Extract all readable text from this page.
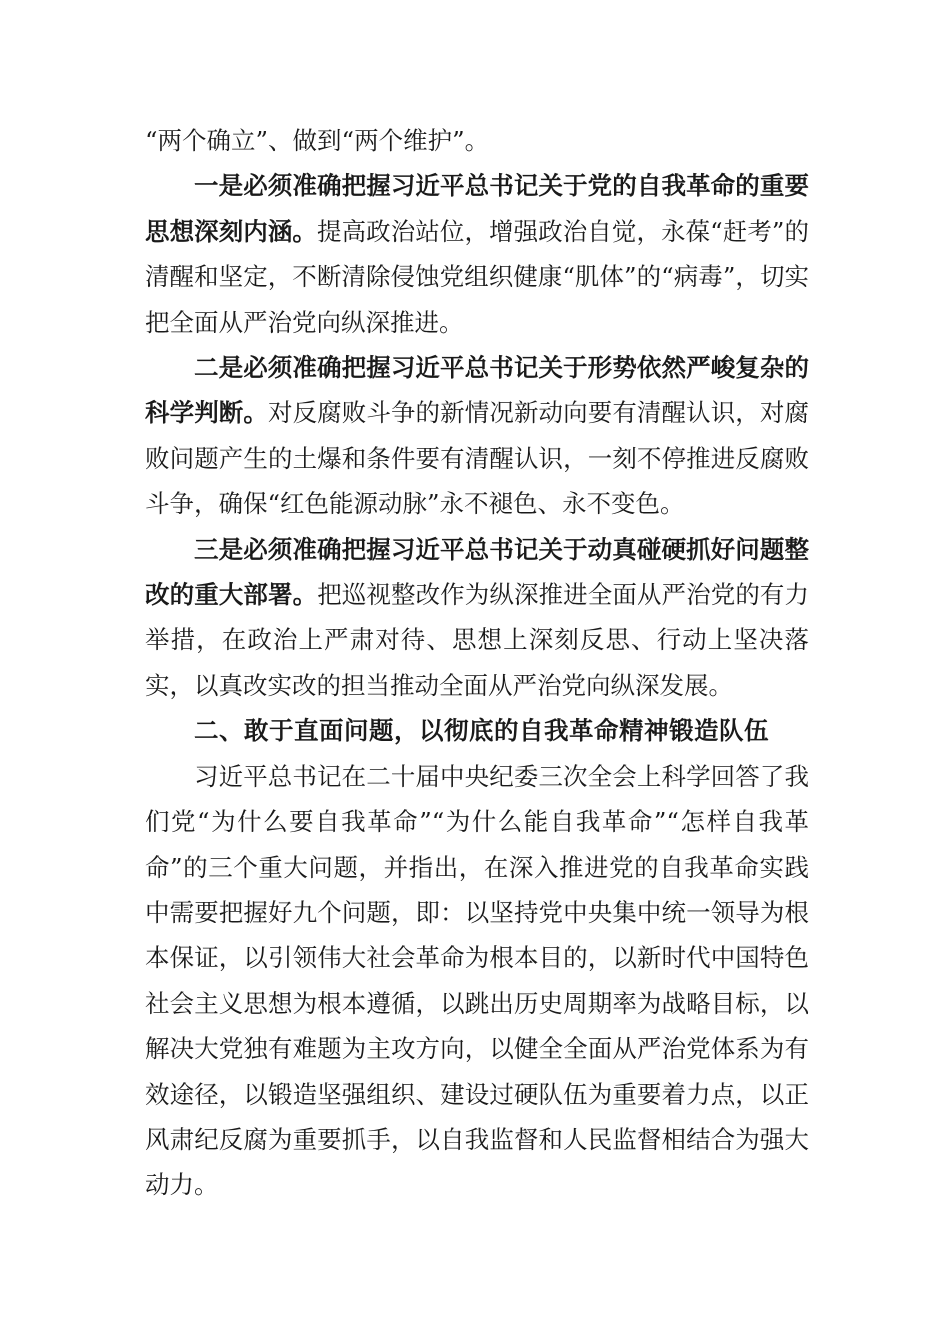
“两个确立”、做到“两个维护”。

一是必须准确把握习近平总书记关于党的自我革命的重要思想深刻内涵。提高政治站位，增强政治自觉，永葆“赶考”的清醒和坚定，不断清除侵蚀党组织健康“肌体”的“病毒”，切实把全面从严治党向纵深推进。

二是必须准确把握习近平总书记关于形势依然严峻复杂的科学判断。对反腐败斗争的新情况新动向要有清醒认识，对腐败问题产生的土爆和条件要有清醒认识，一刻不停推进反腐败斗争，确保“红色能源动脉”永不褪色、永不变色。

三是必须准确把握习近平总书记关于动真碰硬抓好问题整改的重大部署。把巡视整改作为纵深推进全面从严治党的有力举措，在政治上严肃对待、思想上深刻反思、行动上坚决落实，以真改实改的担当推动全面从严治党向纵深发展。

二、敢于直面问题，以彻底的自我革命精神锻造队伍

习近平总书记在二十届中央纪委三次全会上科学回答了我们党“为什么要自我革命”“为什么能自我革命”“怎样自我革命”的三个重大问题，并指出，在深入推进党的自我革命实践中需要把握好九个问题，即：以坚持党中央集中统一领导为根本保证，以引领伟大社会革命为根本目的，以新时代中国特色社会主义思想为根本遵循，以跳出历史周期率为战略目标，以解决大党独有难题为主攻方向，以健全全面从严治党体系为有效途径，以锻造坚强组织、建设过硬队伍为重要着力点，以正风肃纪反腐为重要抓手，以自我监督和人民监督相结合为强大动力。
